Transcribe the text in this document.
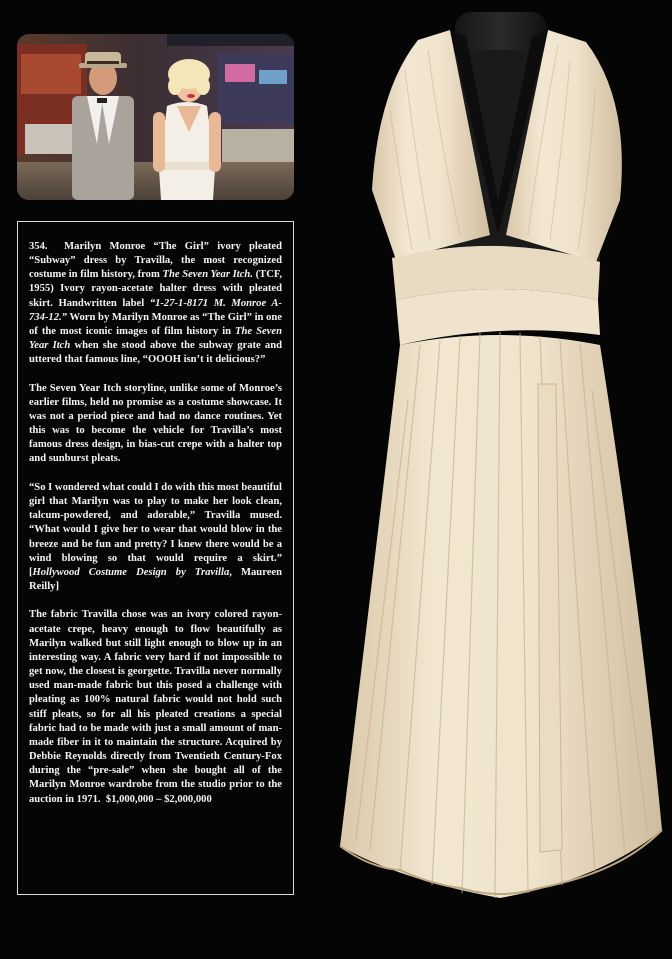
354. Marilyn Monroe “The Girl” ivory pleated “Subway” dress by Travilla, the most recognized costume in film history, from The Seven Year Itch. (TCF, 1955) Ivory rayon-acetate halter dress with pleated skirt. Handwritten label “1-27-1-8171 M. Monroe A-734-12.” Worn by Marilyn Monroe as “The Girl” in one of the most iconic images of film history in The Seven Year Itch when she stood above the subway grate and uttered that famous line, “OOOH isn’t it delicious?”

The Seven Year Itch storyline, unlike some of Monroe’s earlier films, held no promise as a costume showcase. It was not a period piece and had no dance routines. Yet this was to become the vehicle for Travilla’s most famous dress design, in bias-cut crepe with a halter top and sunburst pleats.

“So I wondered what could I do with this most beautiful girl that Marilyn was to play to make her look clean, talcum-powdered, and adorable,” Travilla mused. “What would I give her to wear that would blow in the breeze and be fun and pretty? I knew there would be a wind blowing so that would require a skirt.” [Hollywood Costume Design by Travilla, Maureen Reilly]

The fabric Travilla chose was an ivory colored rayon-acetate crepe, heavy enough to flow beautifully as Marilyn walked but still light enough to blow up in an interesting way. A fabric very hard if not impossible to get now, the closest is georgette. Travilla never normally used man-made fabric but this posed a challenge with pleating as 100% natural fabric would not hold such stiff pleats, so for all his pleated creations a special fabric had to be made with just a small amount of man-made fiber in it to maintain the structure. Acquired by Debbie Reynolds directly from Twentieth Century-Fox during the “pre-sale” when she bought all of the Marilyn Monroe wardrobe from the studio prior to the auction in 1971. $1,000,000 – $2,000,000
